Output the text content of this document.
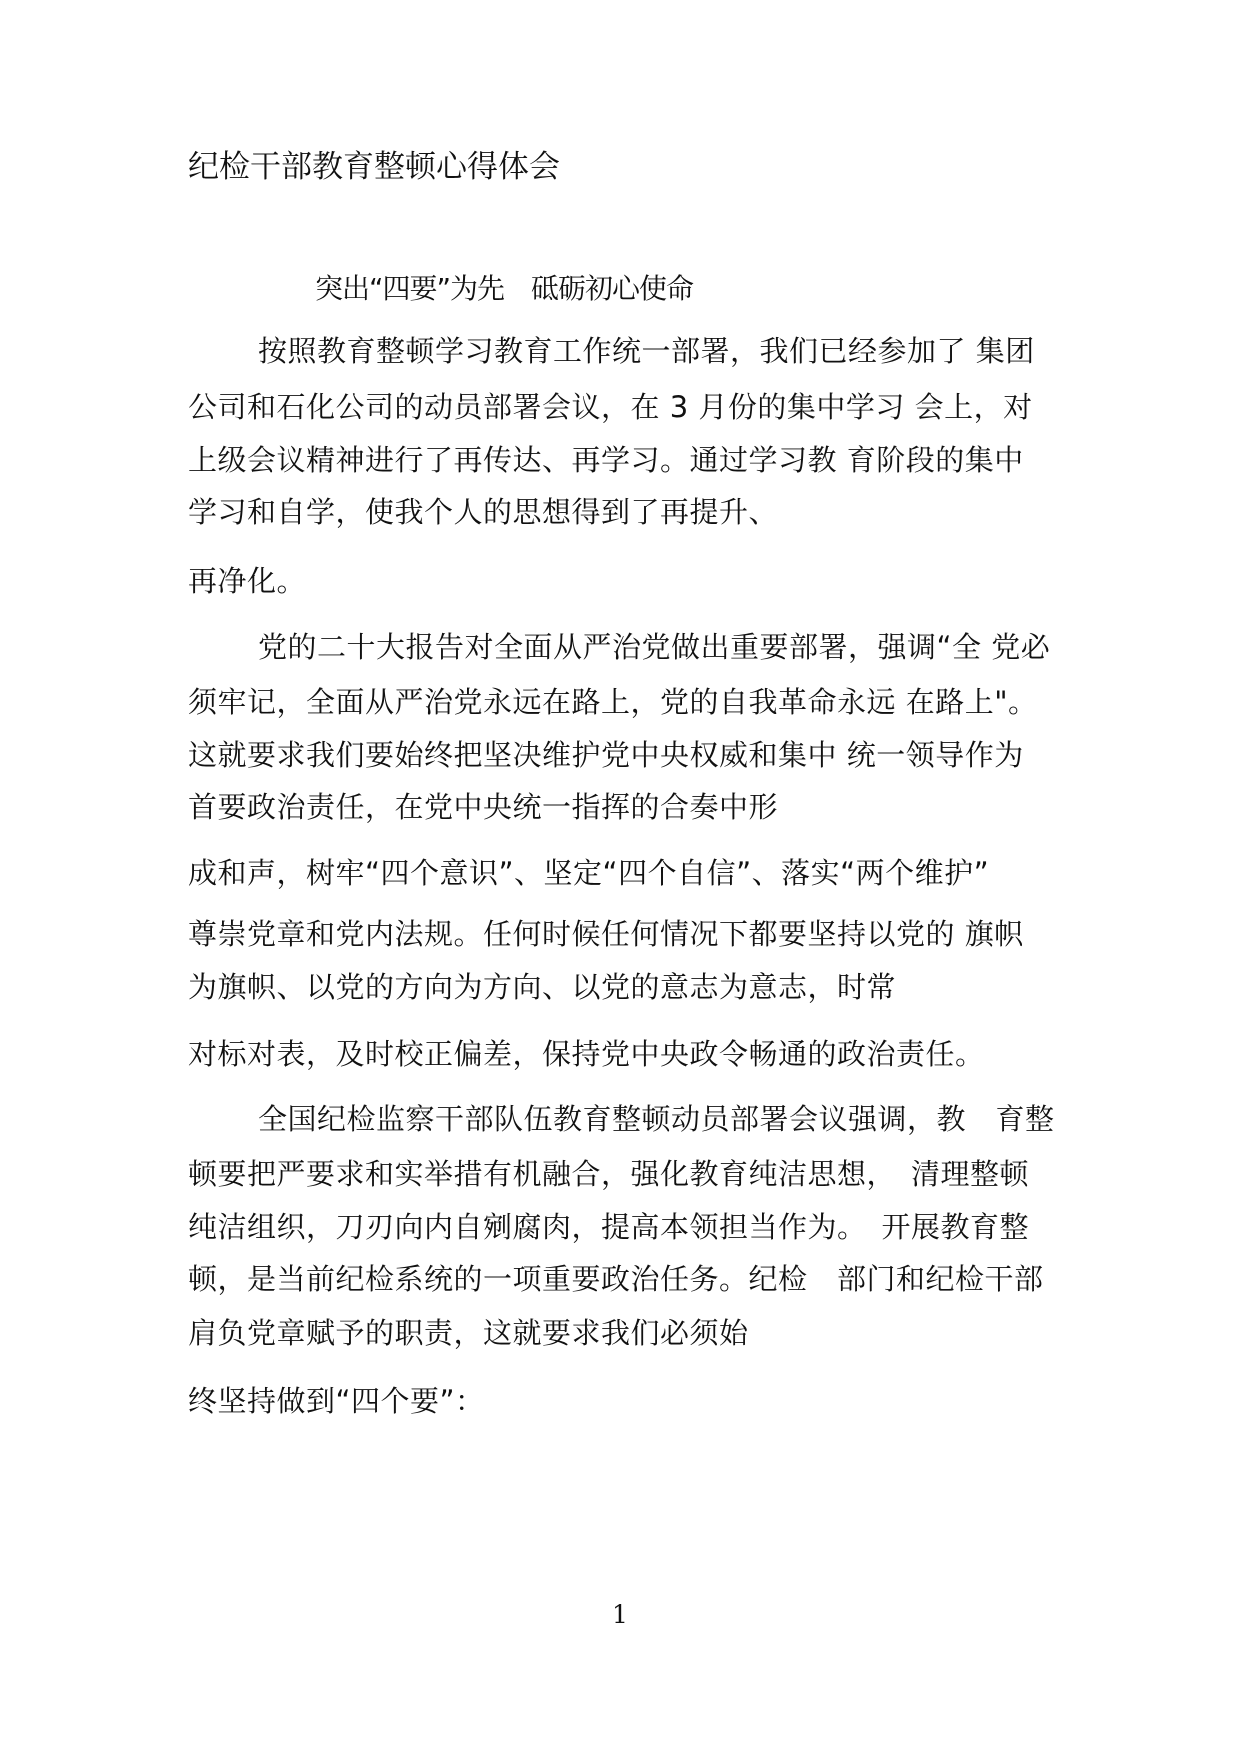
纪检干部教育整顿心得体会
突出“四要”为先　砥砺初心使命
按照教育整顿学习教育工作统一部署，我们已经参加了 集团
公司和石化公司的动员部署会议，在 3 月份的集中学习 会上，对
上级会议精神进行了再传达、再学习。通过学习教 育阶段的集中
学习和自学，使我个人的思想得到了再提升、
再净化。
党的二十大报告对全面从严治党做出重要部署，强调“全 党必
须牢记，全面从严治党永远在路上，党的自我革命永远 在路上"。
这就要求我们要始终把坚决维护党中央权威和集中 统一领导作为
首要政治责任，在党中央统一指挥的合奏中形
成和声，树牢“四个意识”、坚定“四个自信”、落实“两个维护”
尊崇党章和党内法规。任何时候任何情况下都要坚持以党的 旗帜
为旗帜、以党的方向为方向、以党的意志为意志，时常
对标对表，及时校正偏差，保持党中央政令畅通的政治责任。
全国纪检监察干部队伍教育整顿动员部署会议强调，教　育整
顿要把严要求和实举措有机融合，强化教育纯洁思想，　清理整顿
纯洁组织，刀刃向内自剜腐肉，提高本领担当作为。　开展教育整
顿，是当前纪检系统的一项重要政治任务。纪检　部门和纪检干部
肩负党章赋予的职责，这就要求我们必须始
终坚持做到“四个要”：
1
